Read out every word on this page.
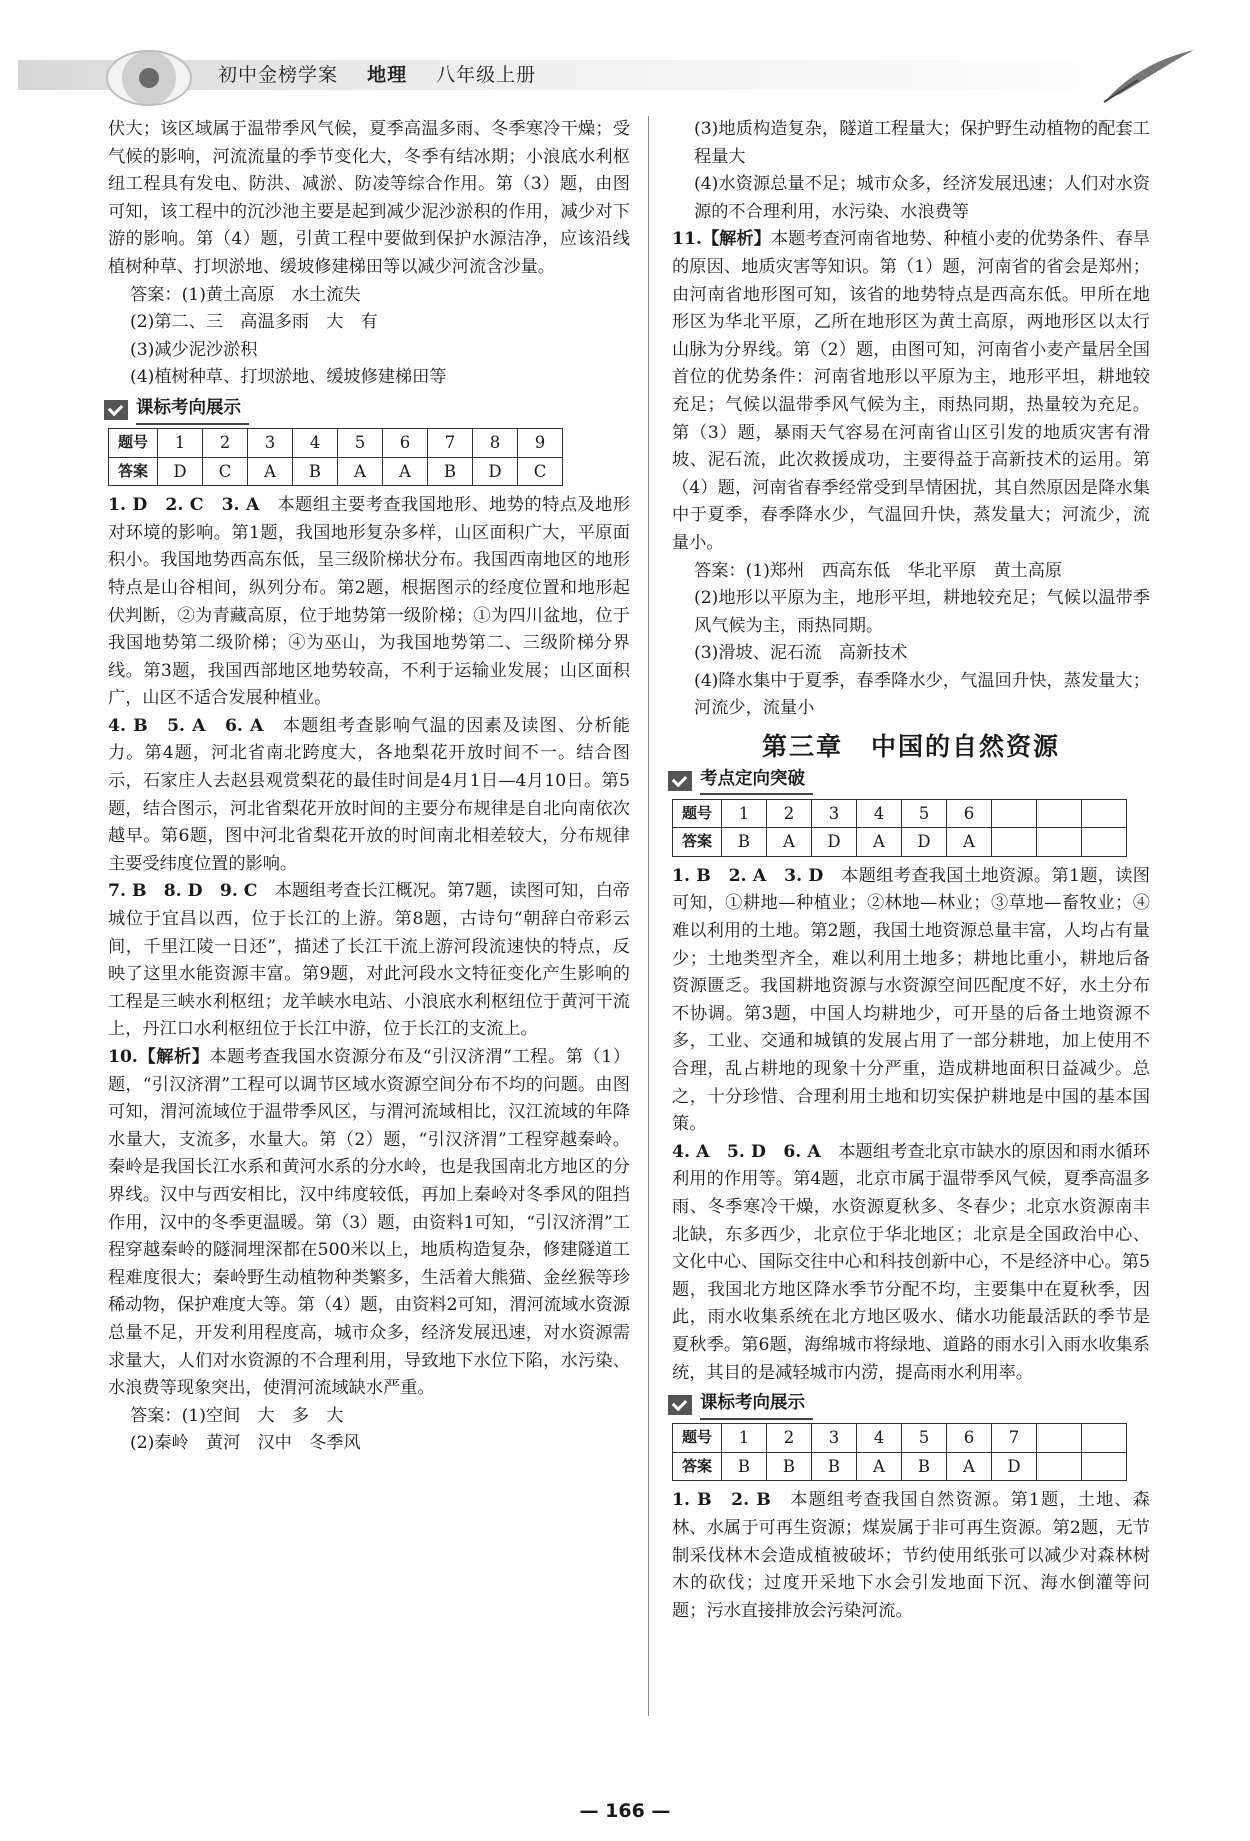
初中金榜学案 地理 八年级上册

伏大；该区域属于温带季风气候，夏季高温多雨、冬季寒冷干燥；受气候的影响，河流流量的季节变化大，冬季有结冰期；小浪底水利枢纽工程具有发电、防洪、减淤、防凌等综合作用。第（3）题，由图可知，该工程中的沉沙池主要是起到减少泥沙淤积的作用，减少对下游的影响。第（4）题，引黄工程中要做到保护水源洁净，应该沿线植树种草、打坝淤地、缓坡修建梯田等以减少河流含沙量。

答案：(1)黄土高原　水土流失

(2)第二、三　高温多雨　大　有

(3)减少泥沙淤积

(4)植树种草、打坝淤地、缓坡修建梯田等

课标考向展示
题号	1	2	3	4	5	6	7	8	9
答案	D	C	A	B	A	A	B	D	C

1. D　2. C　3. A　 本题组主要考查我国地形、地势的特点及地形对环境的影响。第1题，我国地形复杂多样，山区面积广大，平原面积小。我国地势西高东低，呈三级阶梯状分布。我国西南地区的地形特点是山谷相间，纵列分布。第2题，根据图示的经度位置和地形起伏判断，②为青藏高原，位于地势第一级阶梯；①为四川盆地，位于我国地势第二级阶梯；④为巫山，为我国地势第二、三级阶梯分界线。第3题，我国西部地区地势较高，不利于运输业发展；山区面积广，山区不适合发展种植业。

4. B　5. A　6. A　 本题组考查影响气温的因素及读图、分析能力。第4题，河北省南北跨度大，各地梨花开放时间不一。结合图示，石家庄人去赵县观赏梨花的最佳时间是4月1日—4月10日。第5题，结合图示，河北省梨花开放时间的主要分布规律是自北向南依次越早。第6题，图中河北省梨花开放的时间南北相差较大，分布规律主要受纬度位置的影响。

7. B　8. D　9. C　 本题组考查长江概况。第7题，读图可知，白帝城位于宜昌以西，位于长江的上游。第8题，古诗句“朝辞白帝彩云间，千里江陵一日还”，描述了长江干流上游河段流速快的特点，反映了这里水能资源丰富。第9题，对此河段水文特征变化产生影响的工程是三峡水利枢纽；龙羊峡水电站、小浪底水利枢纽位于黄河干流上，丹江口水利枢纽位于长江中游，位于长江的支流上。

10.【解析】本题考查我国水资源分布及“引汉济渭”工程。第（1）题，“引汉济渭”工程可以调节区域水资源空间分布不均的问题。由图可知，渭河流域位于温带季风区，与渭河流域相比，汉江流域的年降水量大，支流多，水量大。第（2）题，“引汉济渭”工程穿越秦岭。秦岭是我国长江水系和黄河水系的分水岭，也是我国南北方地区的分界线。汉中与西安相比，汉中纬度较低，再加上秦岭对冬季风的阻挡作用，汉中的冬季更温暖。第（3）题，由资料1可知，“引汉济渭”工程穿越秦岭的隧洞埋深都在500米以上，地质构造复杂，修建隧道工程难度很大；秦岭野生动植物种类繁多，生活着大熊猫、金丝猴等珍稀动物，保护难度大等。第（4）题，由资料2可知，渭河流域水资源总量不足，开发利用程度高，城市众多，经济发展迅速，对水资源需求量大，人们对水资源的不合理利用，导致地下水位下陷，水污染、水浪费等现象突出，使渭河流域缺水严重。

答案：(1)空间　大　多　大

(2)秦岭　黄河　汉中　冬季风

(3)地质构造复杂，隧道工程量大；保护野生动植物的配套工程量大

(4)水资源总量不足；城市众多，经济发展迅速；人们对水资源的不合理利用，水污染、水浪费等

11.【解析】本题考查河南省地势、种植小麦的优势条件、春旱的原因、地质灾害等知识。第（1）题，河南省的省会是郑州；由河南省地形图可知，该省的地势特点是西高东低。甲所在地形区为华北平原，乙所在地形区为黄土高原，两地形区以太行山脉为分界线。第（2）题，由图可知，河南省小麦产量居全国首位的优势条件：河南省地形以平原为主，地形平坦，耕地较充足；气候以温带季风气候为主，雨热同期，热量较为充足。第（3）题，暴雨天气容易在河南省山区引发的地质灾害有滑坡、泥石流，此次救援成功，主要得益于高新技术的运用。第（4）题，河南省春季经常受到旱情困扰，其自然原因是降水集中于夏季，春季降水少，气温回升快，蒸发量大；河流少，流量小。

答案：(1)郑州　西高东低　华北平原　黄土高原

(2)地形以平原为主，地形平坦，耕地较充足；气候以温带季风气候为主，雨热同期。

(3)滑坡、泥石流　高新技术

(4)降水集中于夏季，春季降水少，气温回升快，蒸发量大；河流少，流量小

第三章 中国的自然资源
考点定向突破
题号	1	2	3	4	5	6			
答案	B	A	D	A	D	A			

1. B　2. A　3. D　 本题组考查我国土地资源。第1题，读图可知，①耕地—种植业；②林地—林业；③草地—畜牧业；④难以利用的土地。第2题，我国土地资源总量丰富，人均占有量少；土地类型齐全，难以利用土地多；耕地比重小，耕地后备资源匮乏。我国耕地资源与水资源空间匹配度不好，水土分布不协调。第3题，中国人均耕地少，可开垦的后备土地资源不多，工业、交通和城镇的发展占用了一部分耕地，加上使用不合理，乱占耕地的现象十分严重，造成耕地面积日益减少。总之，十分珍惜、合理利用土地和切实保护耕地是中国的基本国策。

4. A　5. D　6. A　 本题组考查北京市缺水的原因和雨水循环利用的作用等。第4题，北京市属于温带季风气候，夏季高温多雨、冬季寒冷干燥，水资源夏秋多、冬春少；北京水资源南丰北缺，东多西少，北京位于华北地区；北京是全国政治中心、文化中心、国际交往中心和科技创新中心，不是经济中心。第5题，我国北方地区降水季节分配不均，主要集中在夏秋季，因此，雨水收集系统在北方地区吸水、储水功能最活跃的季节是夏秋季。第6题，海绵城市将绿地、道路的雨水引入雨水收集系统，其目的是减轻城市内涝，提高雨水利用率。

课标考向展示
题号	1	2	3	4	5	6	7		
答案	B	B	B	A	B	A	D		

1. B　2. B　 本题组考查我国自然资源。第1题，土地、森林、水属于可再生资源；煤炭属于非可再生资源。第2题，无节制采伐林木会造成植被破坏；节约使用纸张可以减少对森林树木的砍伐；过度开采地下水会引发地面下沉、海水倒灌等问题；污水直接排放会污染河流。

— 166 —
